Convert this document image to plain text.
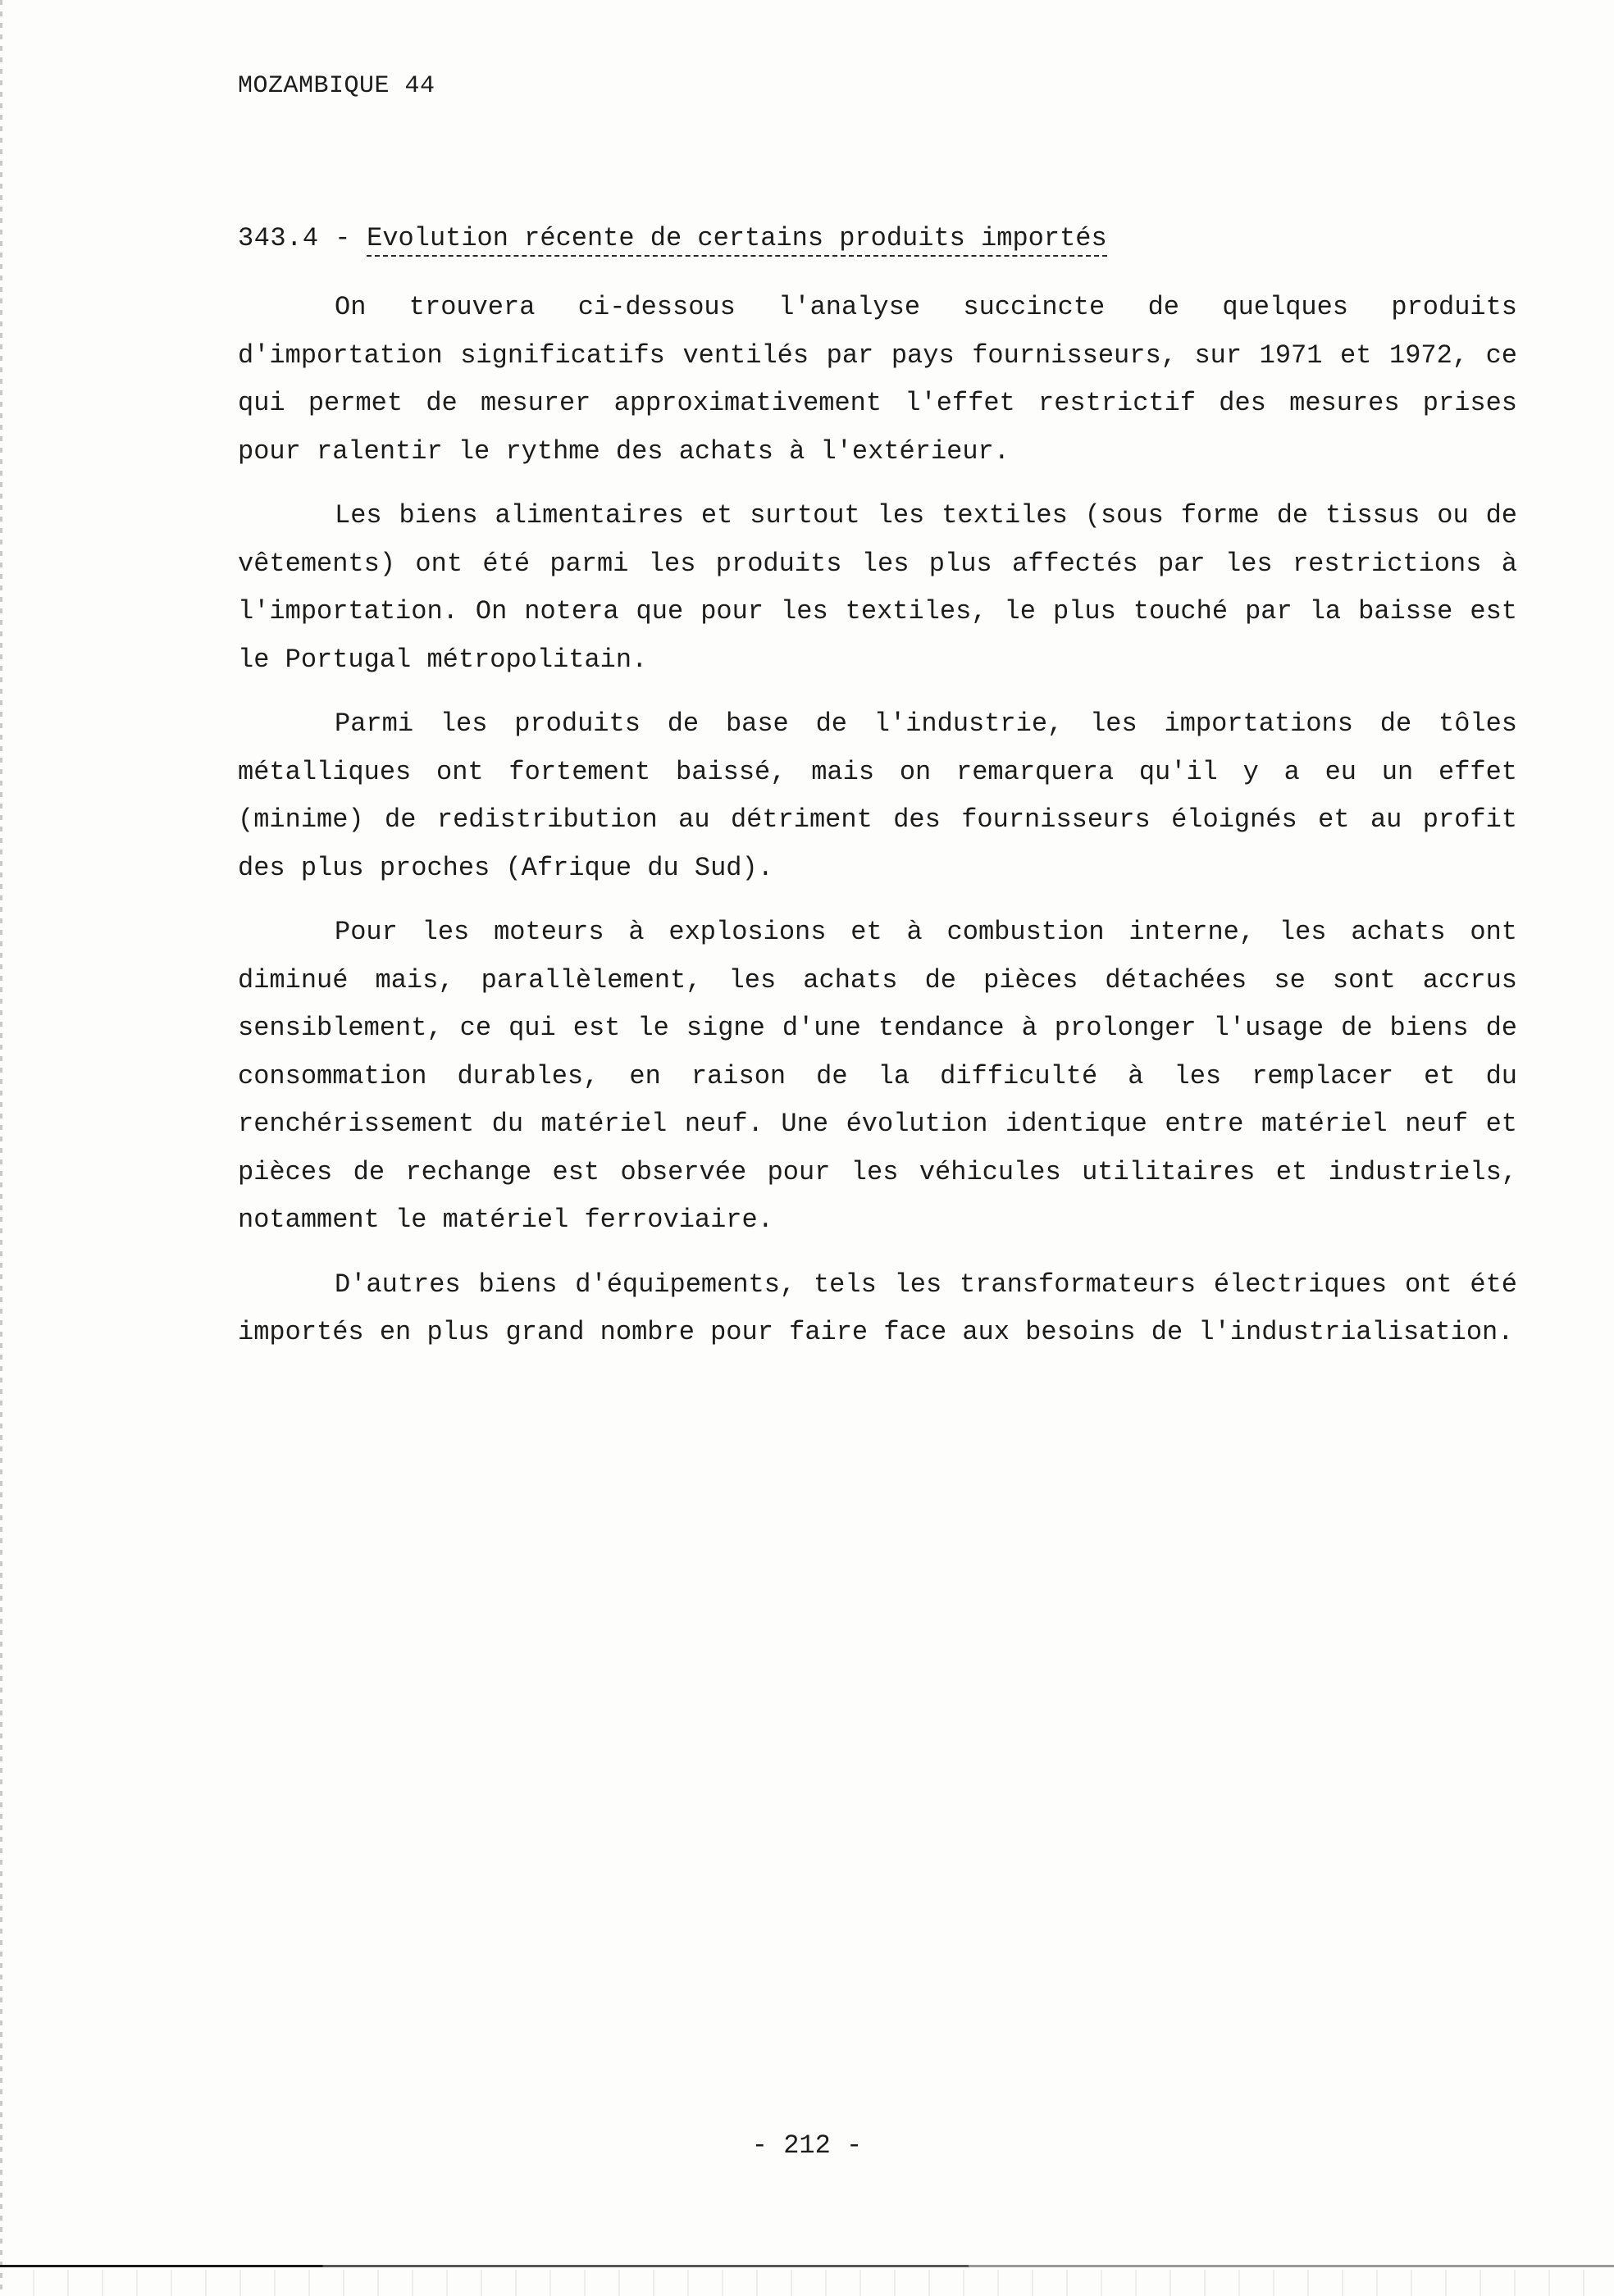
MOZAMBIQUE 44
343.4 - Evolution récente de certains produits importés

On trouvera ci-dessous l'analyse succincte de quelques produits d'importation significatifs ventilés par pays fournisseurs, sur 1971 et 1972, ce qui permet de mesurer approximativement l'effet restrictif des mesures prises pour ralentir le rythme des achats à l'extérieur.

Les biens alimentaires et surtout les textiles (sous forme de tissus ou de vêtements) ont été parmi les produits les plus affectés par les restrictions à l'importation. On notera que pour les textiles, le plus touché par la baisse est le Portugal métropolitain.

Parmi les produits de base de l'industrie, les importations de tôles métalliques ont fortement baissé, mais on remarquera qu'il y a eu un effet (minime) de redistribution au détriment des fournisseurs éloignés et au profit des plus proches (Afrique du Sud).

Pour les moteurs à explosions et à combustion interne, les achats ont diminué mais, parallèlement, les achats de pièces détachées se sont accrus sensiblement, ce qui est le signe d'une tendance à prolonger l'usage de biens de consommation durables, en raison de la difficulté à les remplacer et du renchérissement du matériel neuf. Une évolution identique entre matériel neuf et pièces de rechange est observée pour les véhicules utilitaires et industriels, notamment le matériel ferroviaire.

D'autres biens d'équipements, tels les transformateurs électriques ont été importés en plus grand nombre pour faire face aux besoins de l'industrialisation.

- 212 -
